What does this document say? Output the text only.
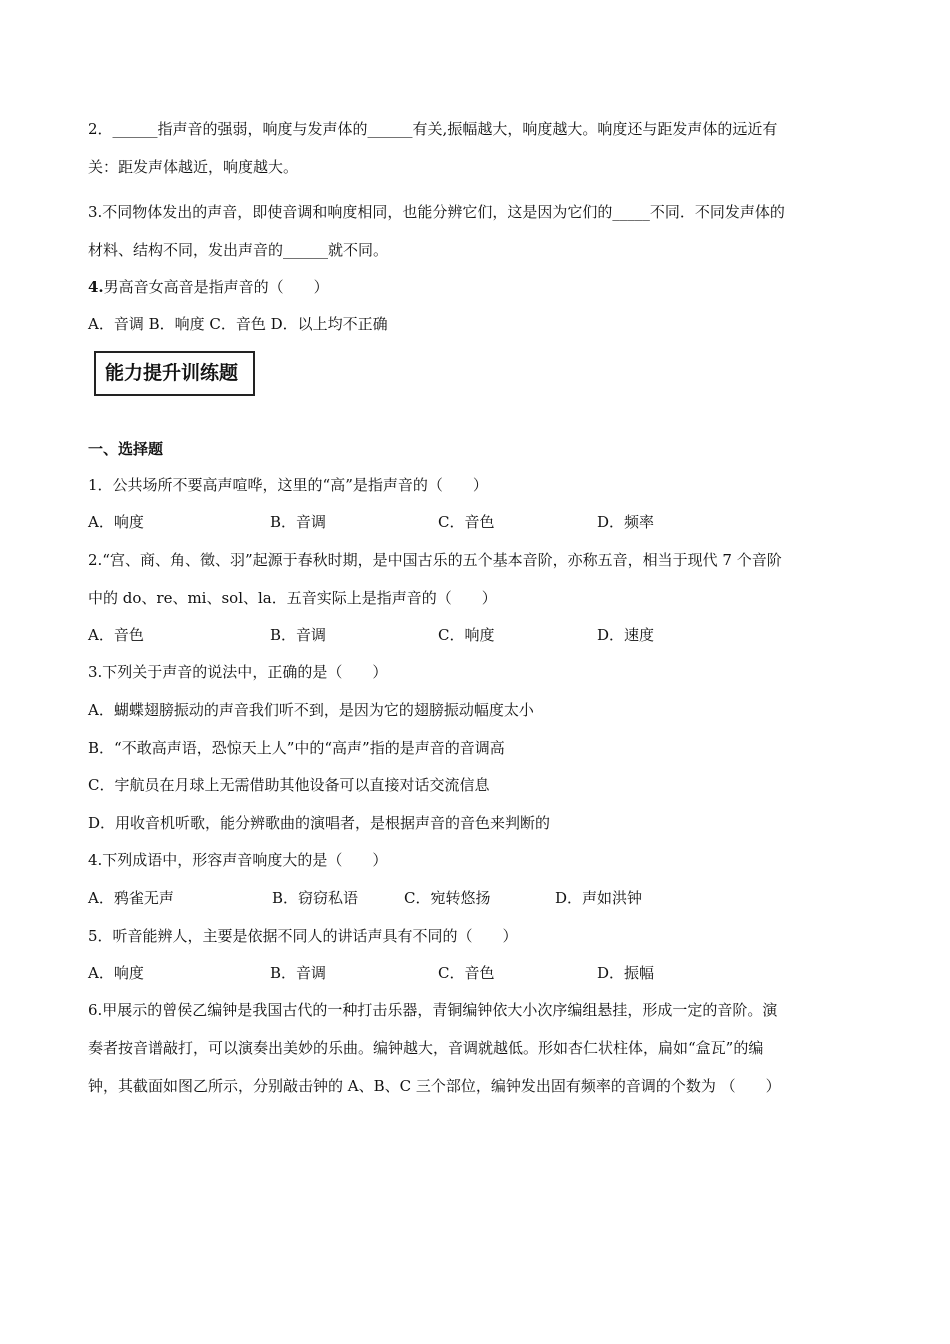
2．______指声音的强弱，响度与发声体的______有关,振幅越大，响度越大。响度还与距发声体的远近有
关：距发声体越近，响度越大。
3.不同物体发出的声音，即使音调和响度相同，也能分辨它们，这是因为它们的_____不同．不同发声体的
材料、结构不同，发出声音的______就不同。
4.男高音女高音是指声音的（　　）
A．音调 B．响度 C．音色 D．以上均不正确
能力提升训练题
一、选择题
1．公共场所不要高声喧哗，这里的“高”是指声音的（　　）
A．响度	B．音调	C．音色	D．频率
2.“宫、商、角、徵、羽”起源于春秋时期，是中国古乐的五个基本音阶，亦称五音，相当于现代 7 个音阶
中的 do、re、mi、sol、la．五音实际上是指声音的（　　）
A．音色	B．音调	C．响度	D．速度
3.下列关于声音的说法中，正确的是（　　）
A．蝴蝶翅膀振动的声音我们听不到，是因为它的翅膀振动幅度太小
B．“不敢高声语，恐惊天上人”中的“高声”指的是声音的音调高
C．宇航员在月球上无需借助其他设备可以直接对话交流信息
D．用收音机听歌，能分辨歌曲的演唱者，是根据声音的音色来判断的
4.下列成语中，形容声音响度大的是（　　）
A．鸦雀无声	B．窃窃私语	C．宛转悠扬	D．声如洪钟
5．听音能辨人，主要是依据不同人的讲话声具有不同的（　　）
A．响度	B．音调	C．音色	D．振幅
6.甲展示的曾侯乙编钟是我国古代的一种打击乐器，青铜编钟依大小次序编组悬挂，形成一定的音阶。演
奏者按音谱敲打，可以演奏出美妙的乐曲。编钟越大，音调就越低。形如杏仁状柱体，扁如“盒瓦”的编
钟，其截面如图乙所示，分别敲击钟的 A、B、C 三个部位，编钟发出固有频率的音调的个数为 （　　）
